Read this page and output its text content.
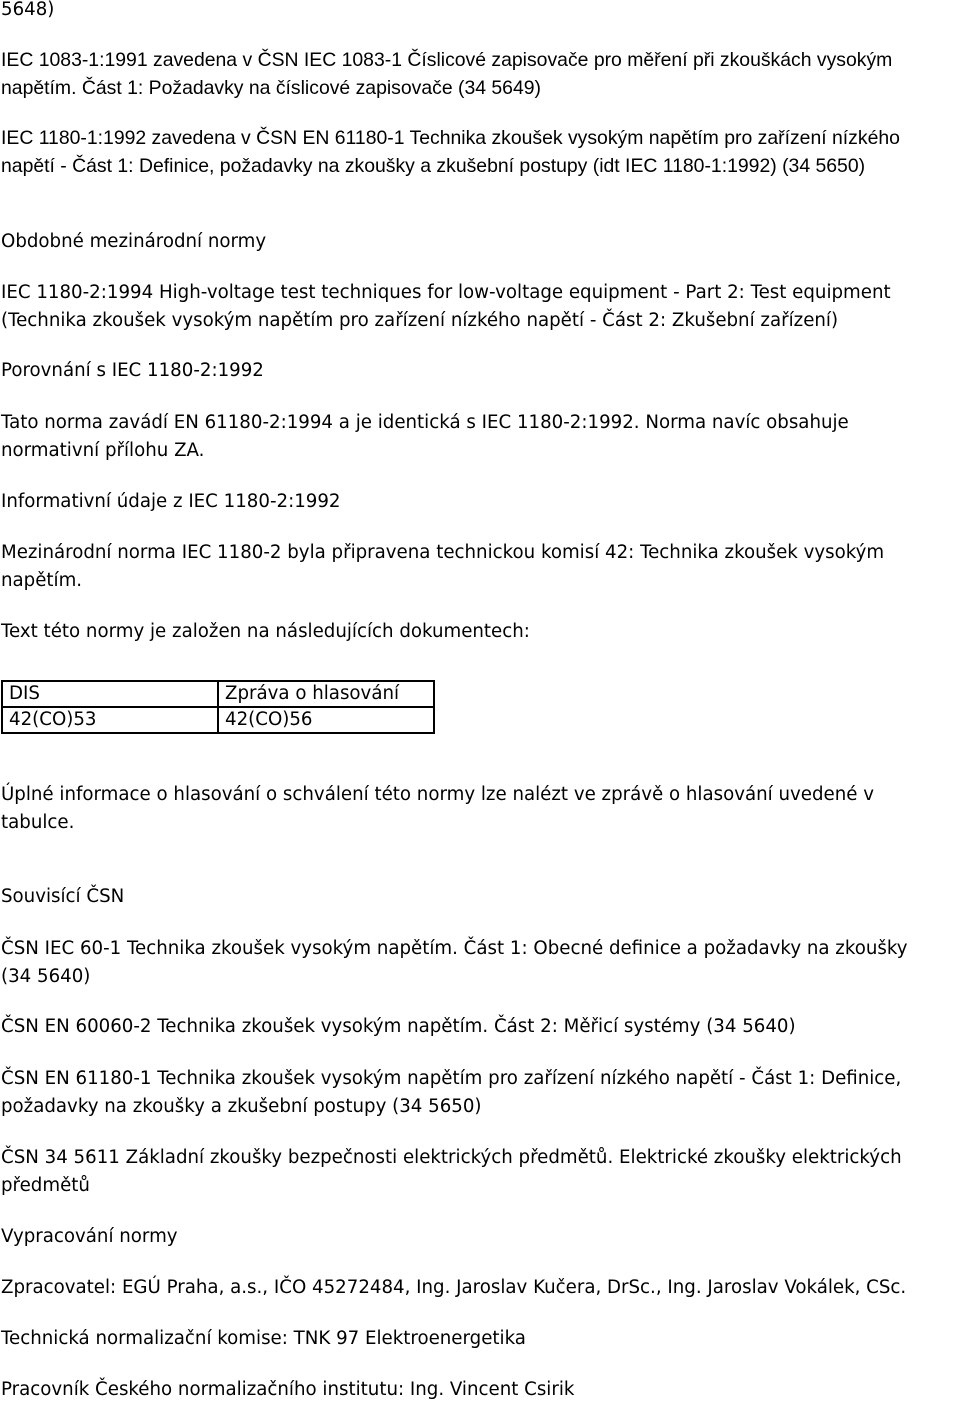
5648)
IEC 1083-1:1991 zavedena v ČSN IEC 1083-1 Číslicové zapisovače pro měření při zkouškách vysokým
napětím. Část 1: Požadavky na číslicové zapisovače (34 5649)
IEC 1180-1:1992 zavedena v ČSN EN 61180-1 Technika zkoušek vysokým napětím pro zařízení nízkého
napětí - Část 1: Definice, požadavky na zkoušky a zkušební postupy (idt IEC 1180-1:1992) (34 5650)
Obdobné mezinárodní normy
IEC 1180-2:1994 High-voltage test techniques for low-voltage equipment - Part 2: Test equipment
(Technika zkoušek vysokým napětím pro zařízení nízkého napětí - Část 2: Zkušební zařízení)
Porovnání s IEC 1180-2:1992
Tato norma zavádí EN 61180-2:1994 a je identická s IEC 1180-2:1992. Norma navíc obsahuje
normativní přílohu ZA.
Informativní údaje z IEC 1180-2:1992
Mezinárodní norma IEC 1180-2 byla připravena technickou komisí 42: Technika zkoušek vysokým
napětím.
Text této normy je založen na následujících dokumentech:
DIS	Zpráva o hlasování
42(CO)53	42(CO)56
Úplné informace o hlasování o schválení této normy lze nalézt ve zprávě o hlasování uvedené v
tabulce.
Souvisící ČSN
ČSN IEC 60-1 Technika zkoušek vysokým napětím. Část 1: Obecné definice a požadavky na zkoušky
(34 5640)
ČSN EN 60060-2 Technika zkoušek vysokým napětím. Část 2: Měřicí systémy (34 5640)
ČSN EN 61180-1 Technika zkoušek vysokým napětím pro zařízení nízkého napětí - Část 1: Definice,
požadavky na zkoušky a zkušební postupy (34 5650)
ČSN 34 5611 Základní zkoušky bezpečnosti elektrických předmětů. Elektrické zkoušky elektrických
předmětů
Vypracování normy
Zpracovatel: EGÚ Praha, a.s., IČO 45272484, Ing. Jaroslav Kučera, DrSc., Ing. Jaroslav Vokálek, CSc.
Technická normalizační komise: TNK 97 Elektroenergetika
Pracovník Českého normalizačního institutu: Ing. Vincent Csirik
